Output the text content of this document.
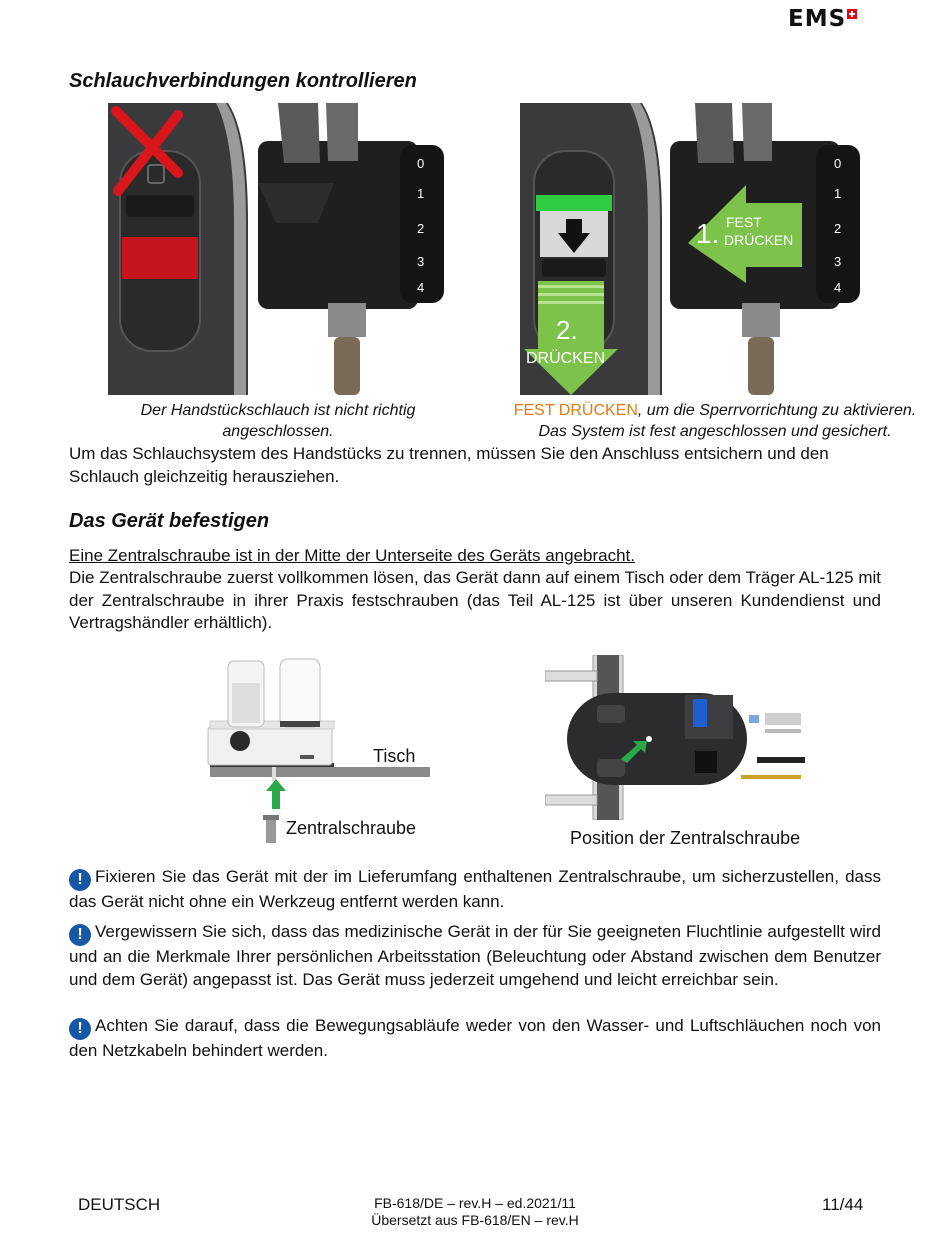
EMS
Schlauchverbindungen kontrollieren
0
1
2
3
4
0
1
2
3
4
1. FEST
DRÜCKEN
2.
DRÜCKEN
Der Handstückschlauch ist nicht richtig angeschlossen.
FEST DRÜCKEN, um die Sperrvorrichtung zu aktivieren.
Das System ist fest angeschlossen und gesichert.
Um das Schlauchsystem des Handstücks zu trennen, müssen Sie den Anschluss entsichern und den Schlauch gleichzeitig herausziehen.
Das Gerät befestigen
Eine Zentralschraube ist in der Mitte der Unterseite des Geräts angebracht.
Die Zentralschraube zuerst vollkommen lösen, das Gerät dann auf einem Tisch oder dem Träger AL-125 mit der Zentralschraube in ihrer Praxis festschrauben (das Teil AL-125 ist über unseren Kundendienst und Vertragshändler erhältlich).
Tisch
Zentralschraube	Position der Zentralschraube
! Fixieren Sie das Gerät mit der im Lieferumfang enthaltenen Zentralschraube, um sicherzustellen, dass das Gerät nicht ohne ein Werkzeug entfernt werden kann.
! Vergewissern Sie sich, dass das medizinische Gerät in der für Sie geeigneten Fluchtlinie aufgestellt wird und an die Merkmale Ihrer persönlichen Arbeitsstation (Beleuchtung oder Abstand zwischen dem Benutzer und dem Gerät) angepasst ist. Das Gerät muss jederzeit umgehend und leicht erreichbar sein.
! Achten Sie darauf, dass die Bewegungsabläufe weder von den Wasser- und Luftschläuchen noch von den Netzkabeln behindert werden.
DEUTSCH	FB-618/DE – rev.H – ed.2021/11
Übersetzt aus FB-618/EN – rev.H
11/44
